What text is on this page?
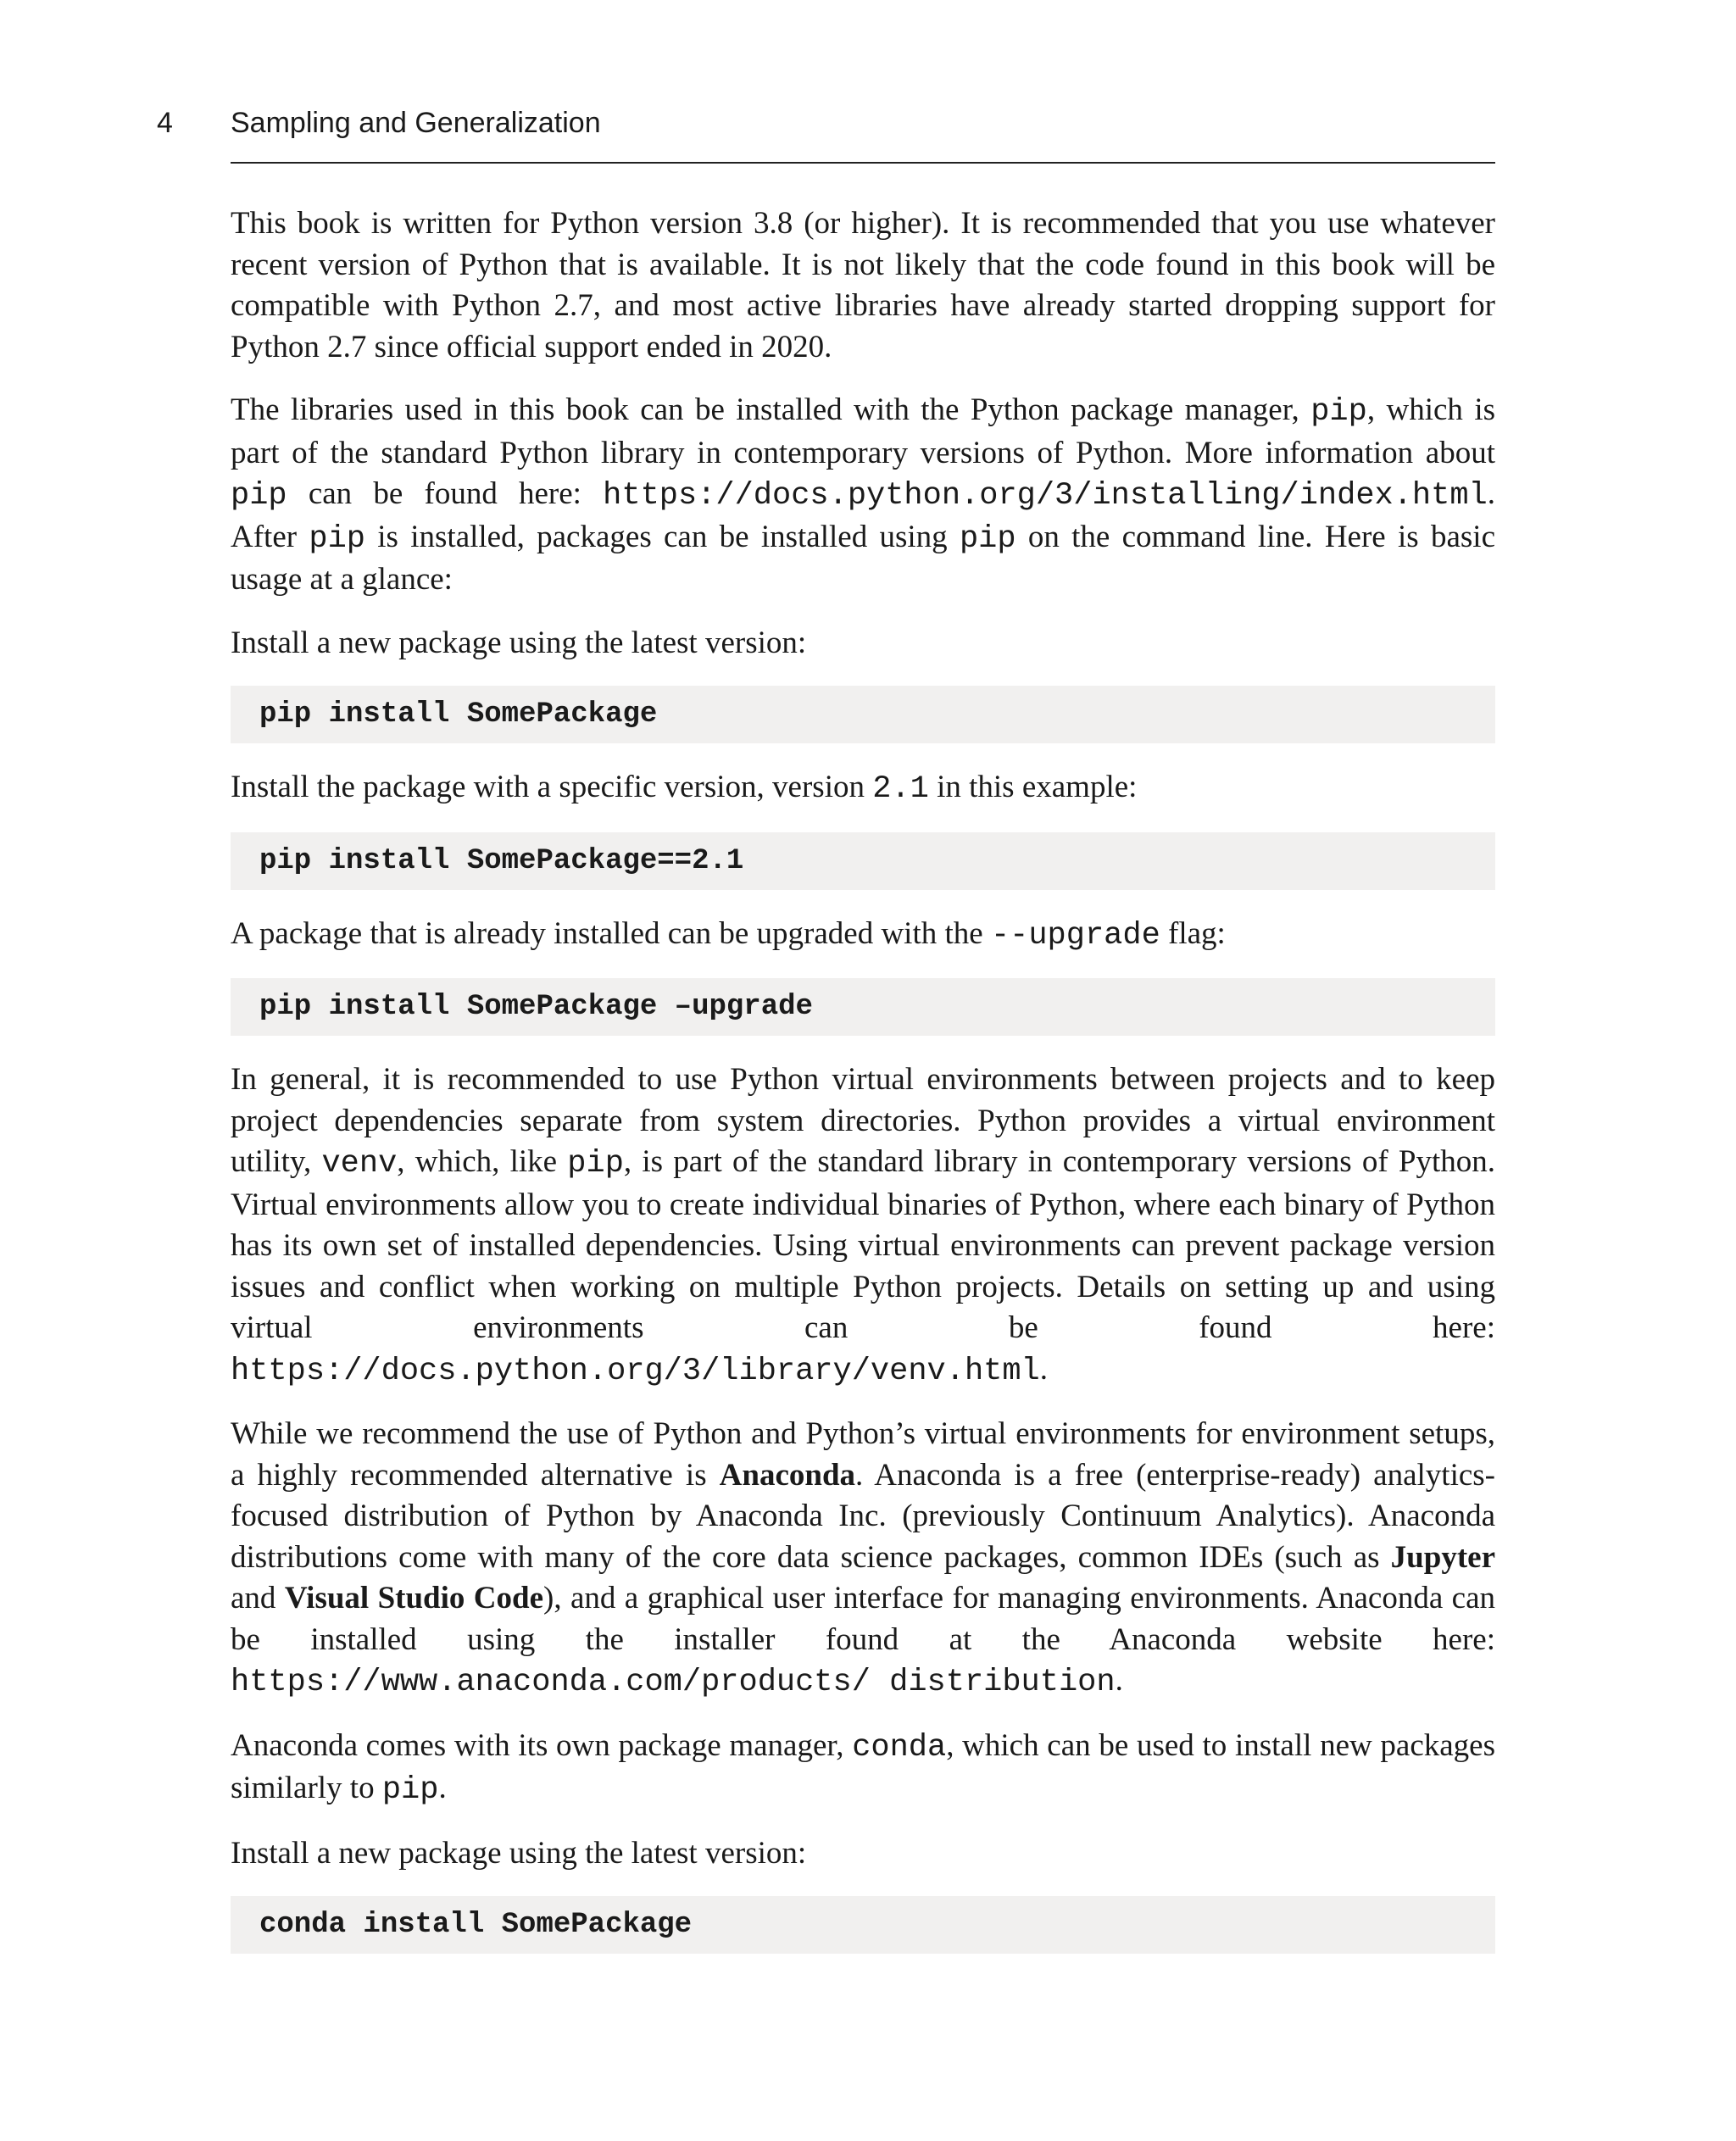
4 Sampling and Generalization

This book is written for Python version 3.8 (or higher). It is recommended that you use whatever recent version of Python that is available. It is not likely that the code found in this book will be compatible with Python 2.7, and most active libraries have already started dropping support for Python 2.7 since official support ended in 2020.

The libraries used in this book can be installed with the Python package manager, pip, which is part of the standard Python library in contemporary versions of Python. More information about pip can be found here: https://docs.python.org/3/installing/index.html. After pip is installed, packages can be installed using pip on the command line. Here is basic usage at a glance:

Install a new package using the latest version:

pip install SomePackage

Install the package with a specific version, version 2.1 in this example:

pip install SomePackage==2.1

A package that is already installed can be upgraded with the --upgrade flag:

pip install SomePackage –upgrade

In general, it is recommended to use Python virtual environments between projects and to keep project dependencies separate from system directories. Python provides a virtual environment utility, venv, which, like pip, is part of the standard library in contemporary versions of Python. Virtual environments allow you to create individual binaries of Python, where each binary of Python has its own set of installed dependencies. Using virtual environments can prevent package version issues and conflict when working on multiple Python projects. Details on setting up and using virtual environments can be found here: https://docs.python.org/3/library/venv.html.

While we recommend the use of Python and Python’s virtual environments for environment setups, a highly recommended alternative is Anaconda. Anaconda is a free (enterprise-ready) analytics-focused distribution of Python by Anaconda Inc. (previously Continuum Analytics). Anaconda distributions come with many of the core data science packages, common IDEs (such as Jupyter and Visual Studio Code), and a graphical user interface for managing environments. Anaconda can be installed using the installer found at the Anaconda website here: https://www.anaconda.com/products/ distribution.

Anaconda comes with its own package manager, conda, which can be used to install new packages similarly to pip.

Install a new package using the latest version:

conda install SomePackage
